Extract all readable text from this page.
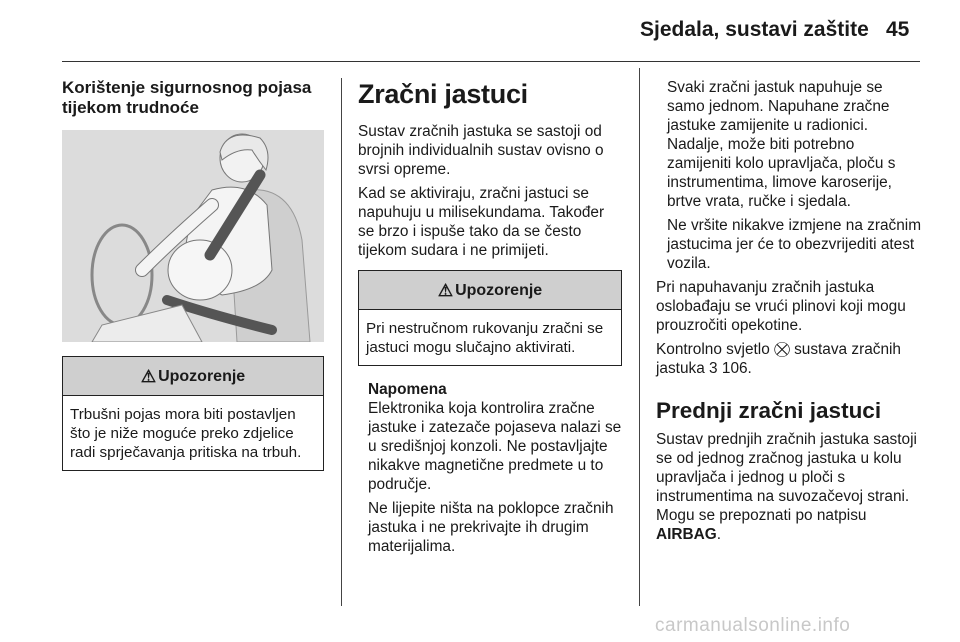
Sjedala, sustavi zaštite 45
Korištenje sigurnosnog pojasa tijekom trudnoće
⚠ Upozorenje
Trbušni pojas mora biti postavljen što je niže moguće preko zdjelice radi sprječavanja pritiska na trbuh.
Zračni jastuci

Sustav zračnih jastuka se sastoji od brojnih individualnih sustav ovisno o svrsi opreme.

Kad se aktiviraju, zračni jastuci se napuhuju u milisekundama. Također se brzo i ispuše tako da se često tijekom sudara i ne primijeti.

⚠ Upozorenje
Pri nestručnom rukovanju zračni se jastuci mogu slučajno aktivirati.
Napomena

Elektronika koja kontrolira zračne jastuke i zatezače pojaseva nalazi se u središnjoj konzoli. Ne postavljajte nikakve magnetične predmete u to područje.

Ne lijepite ništa na poklopce zračnih jastuka i ne prekrivajte ih drugim materijalima.

Svaki zračni jastuk napuhuje se samo jednom. Napuhane zračne jastuke zamijenite u radionici. Nadalje, može biti potrebno zamijeniti kolo upravljača, ploču s instrumentima, limove karoserije, brtve vrata, ručke i sjedala.

Ne vršite nikakve izmjene na zračnim jastucima jer će to obezvrijediti atest vozila.

Pri napuhavanju zračnih jastuka oslobađaju se vrući plinovi koji mogu prouzročiti opekotine.

Kontrolno svjetlo ⛒ sustava zračnih jastuka 3 106.

Prednji zračni jastuci

Sustav prednjih zračnih jastuka sastoji se od jednog zračnog jastuka u kolu upravljača i jednog u ploči s instrumentima na suvozačevoj strani. Mogu se prepoznati po natpisu AIRBAG.

carmanualsonline.info
